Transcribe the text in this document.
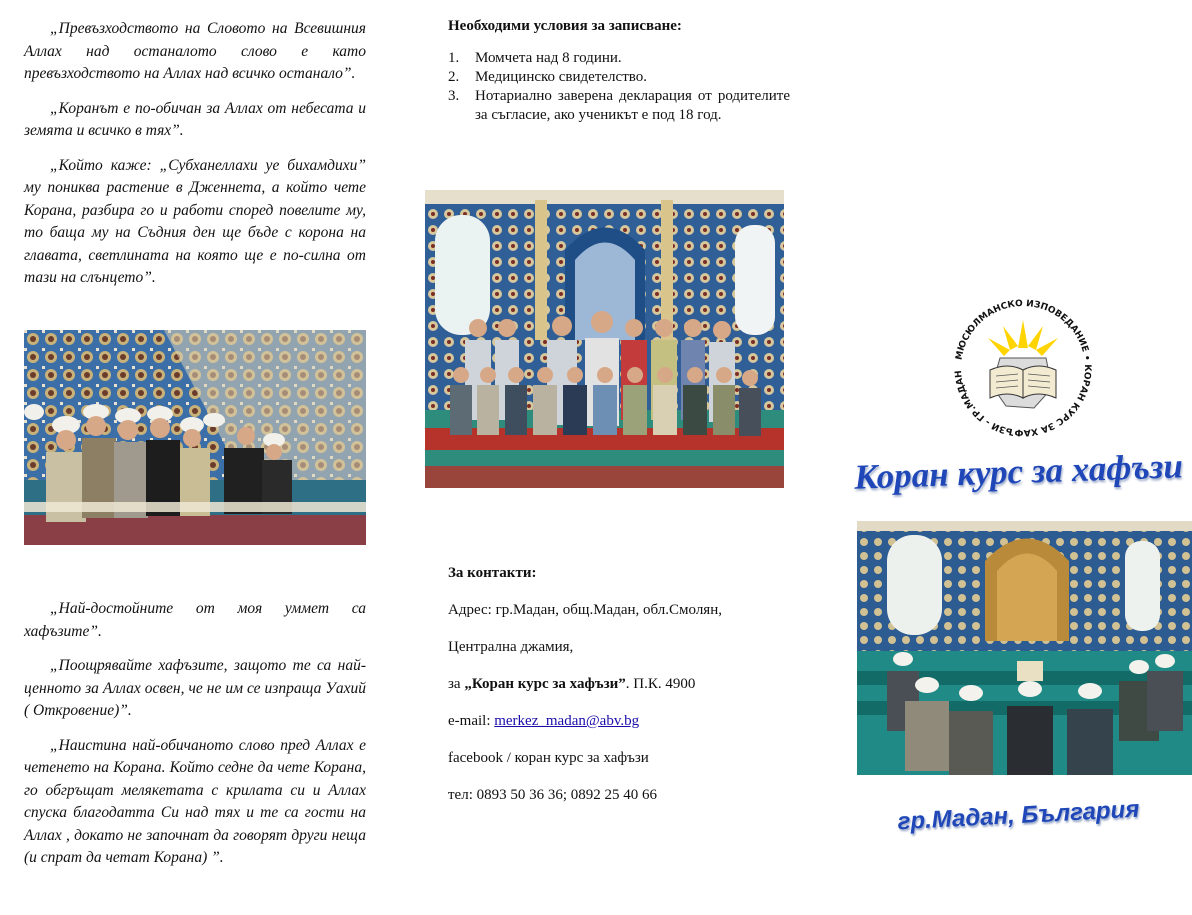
„Превъзходството на Словото на Всевишния Аллах над останалото слово е като превъзходството на Аллах над всичко останало”.

„Коранът е по-обичан за Аллах от небесата и земята и всичко в тях”.

„Който каже: „Субханеллахи уе бихамдихи” му пониква растение в Дженнета, а който чете Корана, разбира го и работи според повелите му, то баща му на Съдния ден ще бъде с корона на главата, светлината на която ще е по-силна от тази на слънцето”.

„Най-достойните от моя уммет са хафъзите”.

„Поощрявайте хафъзите, защото те са най-ценното за Аллах освен, че не им се изпраща Уахий ( Откровение)”.

„Наистина най-обичаното слово пред Аллах е четенето на Корана. Който седне да чете Корана, го обгръщат мелякетата с крилата си и Аллах спуска благодатта Си над тях и те са гости на Аллах , докато не започнат да говорят други неща (и спрат да четат Корана) ”.

Необходими условия за записване:

1.	Момчета над 8 години.
2.	Медицинско свидетелство.
3.	Нотариално заверена декларация от родителите за съгласие, ако ученикът е под 18 год.

За контакти:

Адрес: гр.Мадан, общ.Мадан, обл.Смолян,

Централна джамия,

за „Коран курс за хафъзи”. П.К. 4900

e-mail: merkez_madan@abv.bg

facebook / коран курс за хафъзи

тел: 0893 50 36 36; 0892 25 40 66

МЮСЮЛМАНСКО ИЗПОВЕДАНИЕ • КОРАН КУРС ЗА ХАФЪЗИ - ГР.МАДАН
Коран курс за хафъзи
гр.Мадан, България
